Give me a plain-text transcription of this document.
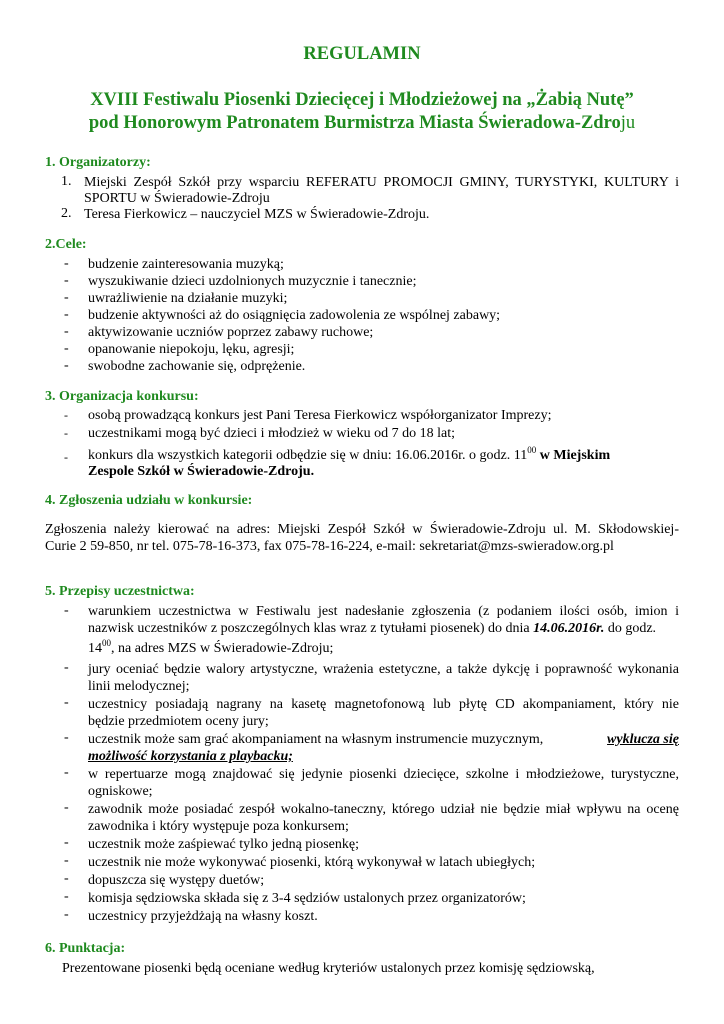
REGULAMIN
XVIII Festiwalu Piosenki Dziecięcej i Młodzieżowej na „Żabią Nutę”
pod Honorowym Patronatem Burmistrza Miasta Świeradowa-Zdroju
1. Organizatorzy:
1. Miejski Zespół Szkół przy wsparciu REFERATU PROMOCJI GMINY, TURYSTYKI, KULTURY i
SPORTU w Świeradowie-Zdroju
2. Teresa Fierkowicz – nauczyciel MZS w Świeradowie-Zdroju.
2.Cele:
- budzenie zainteresowania muzyką;
- wyszukiwanie dzieci uzdolnionych muzycznie i tanecznie;
- uwrażliwienie na działanie muzyki;
- budzenie aktywności aż do osiągnięcia zadowolenia ze wspólnej zabawy;
- aktywizowanie uczniów poprzez zabawy ruchowe;
- opanowanie niepokoju, lęku, agresji;
- swobodne zachowanie się, odprężenie.
3. Organizacja konkursu:
- osobą prowadzącą konkurs jest Pani Teresa Fierkowicz współorganizator Imprezy;
- uczestnikami mogą być dzieci i młodzież w wieku od 7 do 18 lat;
- konkurs dla wszystkich kategorii odbędzie się w dniu: 16.06.2016r. o godz. $11^{00}$ w Miejskim
Zespole Szkół w Świeradowie-Zdroju.
4. Zgłoszenia udziału w konkursie:
Zgłoszenia należy kierować na adres: Miejski Zespół Szkół w Świeradowie-Zdroju ul. M. Skłodowskiej-
Curie 2 59-850, nr tel. 075-78-16-373, fax 075-78-16-224, e-mail: sekretariat@mzs-swieradow.org.pl
5. Przepisy uczestnictwa:
- warunkiem uczestnictwa w Festiwalu jest nadesłanie zgłoszenia (z podaniem ilości osób, imion i
nazwisk uczestników z poszczególnych klas wraz z tytułami piosenek) do dnia 14.06.2016r. do godz.
$14^{00}$, na adres MZS w Świeradowie-Zdroju;
- jury oceniać będzie walory artystyczne, wrażenia estetyczne, a także dykcję i poprawność wykonania
linii melodycznej;
- uczestnicy posiadają nagrany na kasetę magnetofonową lub płytę CD akompaniament, który nie
będzie przedmiotem oceny jury;
- uczestnik może sam grać akompaniament na własnym instrumencie muzycznym,	wyklucza się
możliwość korzystania z playbacku;
- w repertuarze mogą znajdować się jedynie piosenki dziecięce, szkolne i młodzieżowe, turystyczne,
ogniskowe;
- zawodnik może posiadać zespół wokalno-taneczny, którego udział nie będzie miał wpływu na ocenę
zawodnika i który występuje poza konkursem;
- uczestnik może zaśpiewać tylko jedną piosenkę;
- uczestnik nie może wykonywać piosenki, którą wykonywał w latach ubiegłych;
- dopuszcza się występy duetów;
- komisja sędziowska składa się z 3-4 sędziów ustalonych przez organizatorów;
- uczestnicy przyjeżdżają na własny koszt.
6. Punktacja:
Prezentowane piosenki będą oceniane według kryteriów ustalonych przez komisję sędziowską,
